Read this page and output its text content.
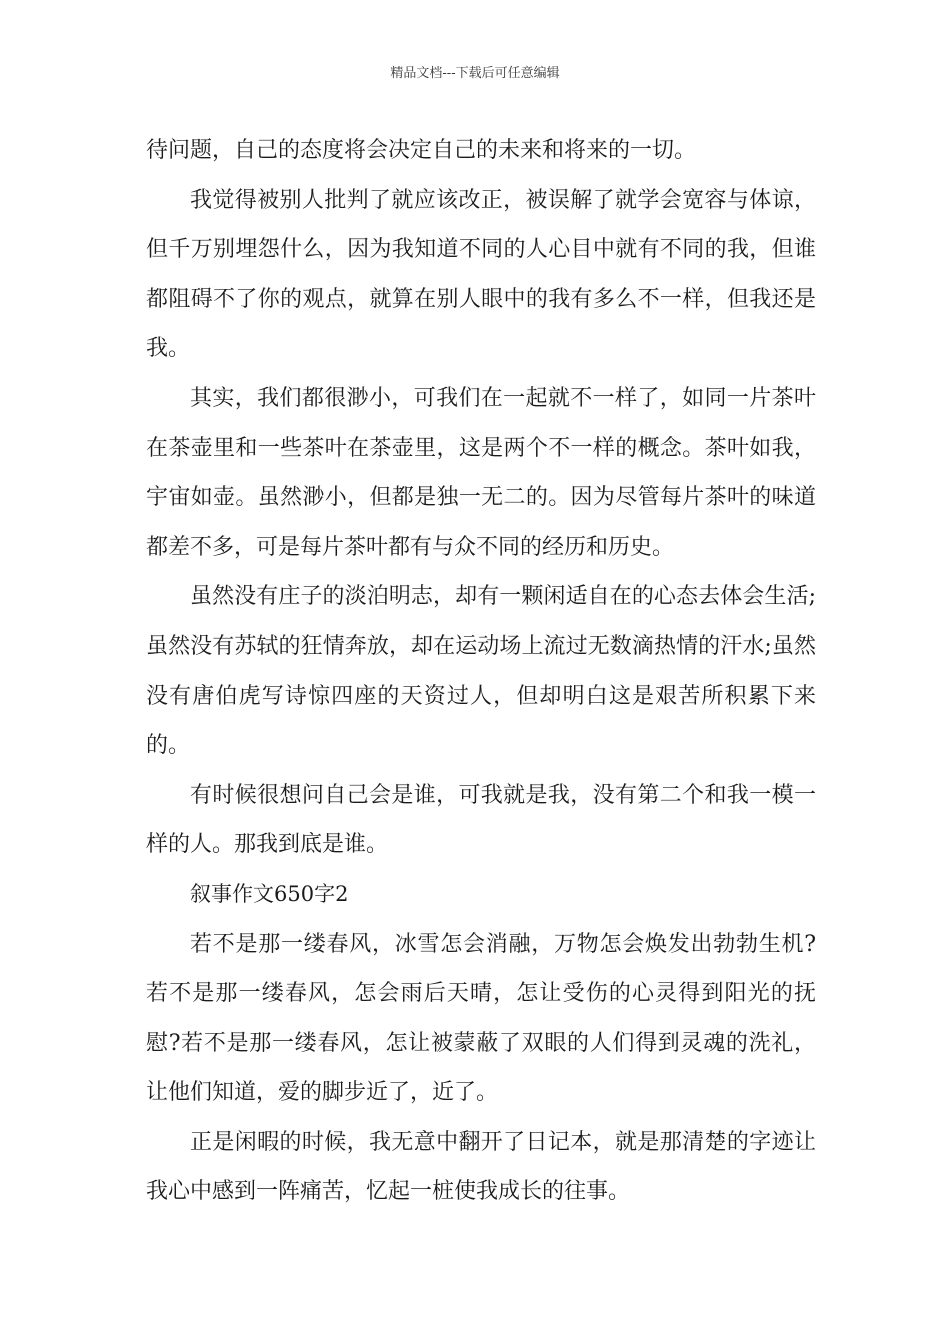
精品文档---下载后可任意编辑

待问题，自己的态度将会决定自己的未来和将来的一切。

我觉得被别人批判了就应该改正，被误解了就学会宽容与体谅，但千万别埋怨什么，因为我知道不同的人心目中就有不同的我，但谁都阻碍不了你的观点，就算在别人眼中的我有多么不一样，但我还是我。

其实，我们都很渺小，可我们在一起就不一样了，如同一片茶叶在茶壶里和一些茶叶在茶壶里，这是两个不一样的概念。茶叶如我，宇宙如壶。虽然渺小，但都是独一无二的。因为尽管每片茶叶的味道都差不多，可是每片茶叶都有与众不同的经历和历史。

虽然没有庄子的淡泊明志，却有一颗闲适自在的心态去体会生活;虽然没有苏轼的狂情奔放，却在运动场上流过无数滴热情的汗水;虽然没有唐伯虎写诗惊四座的天资过人，但却明白这是艰苦所积累下来的。

有时候很想问自己会是谁，可我就是我，没有第二个和我一模一样的人。那我到底是谁。

叙事作文650字2

若不是那一缕春风，冰雪怎会消融，万物怎会焕发出勃勃生机?若不是那一缕春风，怎会雨后天晴，怎让受伤的心灵得到阳光的抚慰?若不是那一缕春风，怎让被蒙蔽了双眼的人们得到灵魂的洗礼，让他们知道，爱的脚步近了，近了。

正是闲暇的时候，我无意中翻开了日记本，就是那清楚的字迹让我心中感到一阵痛苦，忆起一桩使我成长的往事。
